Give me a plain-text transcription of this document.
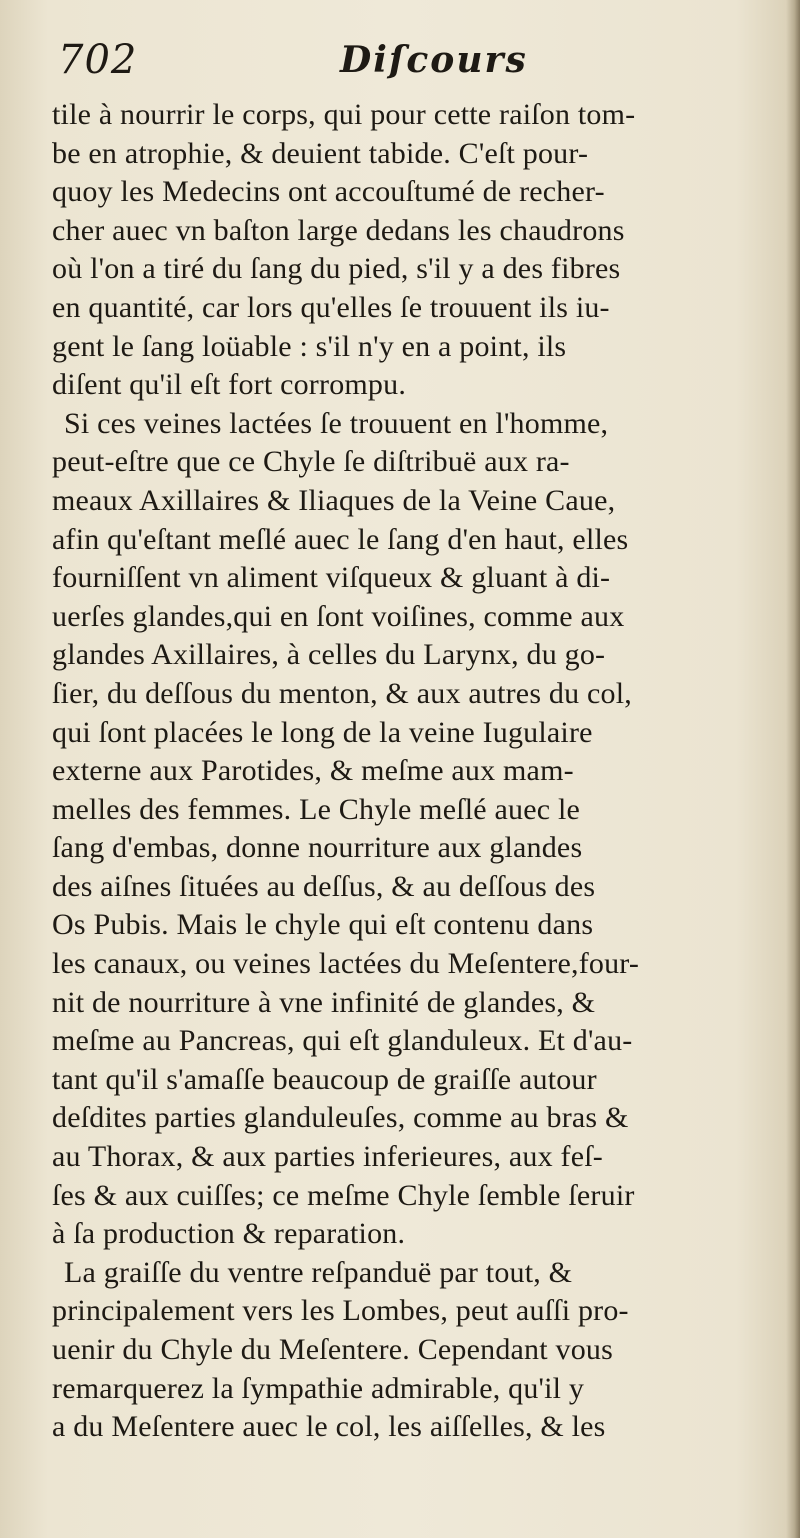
702	Diſcours
tile à nourrir le corps, qui pour cette raiſon tom-
be en atrophie, & deuient tabide. C'eſt pour-
quoy les Medecins ont accouſtumé de recher-
cher auec vn baſton large dedans les chaudrons
où l'on a tiré du ſang du pied, s'il y a des fibres
en quantité, car lors qu'elles ſe trouuent ils iu-
gent le ſang loüable : s'il n'y en a point, ils
diſent qu'il eſt fort corrompu.
Si ces veines lactées ſe trouuent en l'homme,
peut-eſtre que ce Chyle ſe diſtribuë aux ra-
meaux Axillaires & Iliaques de la Veine Caue,
afin qu'eſtant meſlé auec le ſang d'en haut, elles
fourniſſent vn aliment viſqueux & gluant à di-
uerſes glandes,qui en ſont voiſines, comme aux
glandes Axillaires, à celles du Larynx, du go-
ſier, du deſſous du menton, & aux autres du col,
qui ſont placées le long de la veine Iugulaire
externe aux Parotides, & meſme aux mam-
melles des femmes. Le Chyle meſlé auec le
ſang d'embas, donne nourriture aux glandes
des aiſnes ſituées au deſſus, & au deſſous des
Os Pubis. Mais le chyle qui eſt contenu dans
les canaux, ou veines lactées du Meſentere,four-
nit de nourriture à vne infinité de glandes, &
meſme au Pancreas, qui eſt glanduleux. Et d'au-
tant qu'il s'amaſſe beaucoup de graiſſe autour
deſdites parties glanduleuſes, comme au bras &
au Thorax, & aux parties inferieures, aux feſ-
ſes & aux cuiſſes; ce meſme Chyle ſemble ſeruir
à ſa production & reparation.
La graiſſe du ventre reſpanduë par tout, &
principalement vers les Lombes, peut auſſi pro-
uenir du Chyle du Meſentere. Cependant vous
remarquerez la ſympathie admirable, qu'il y
a du Meſentere auec le col, les aiſſelles, & les
